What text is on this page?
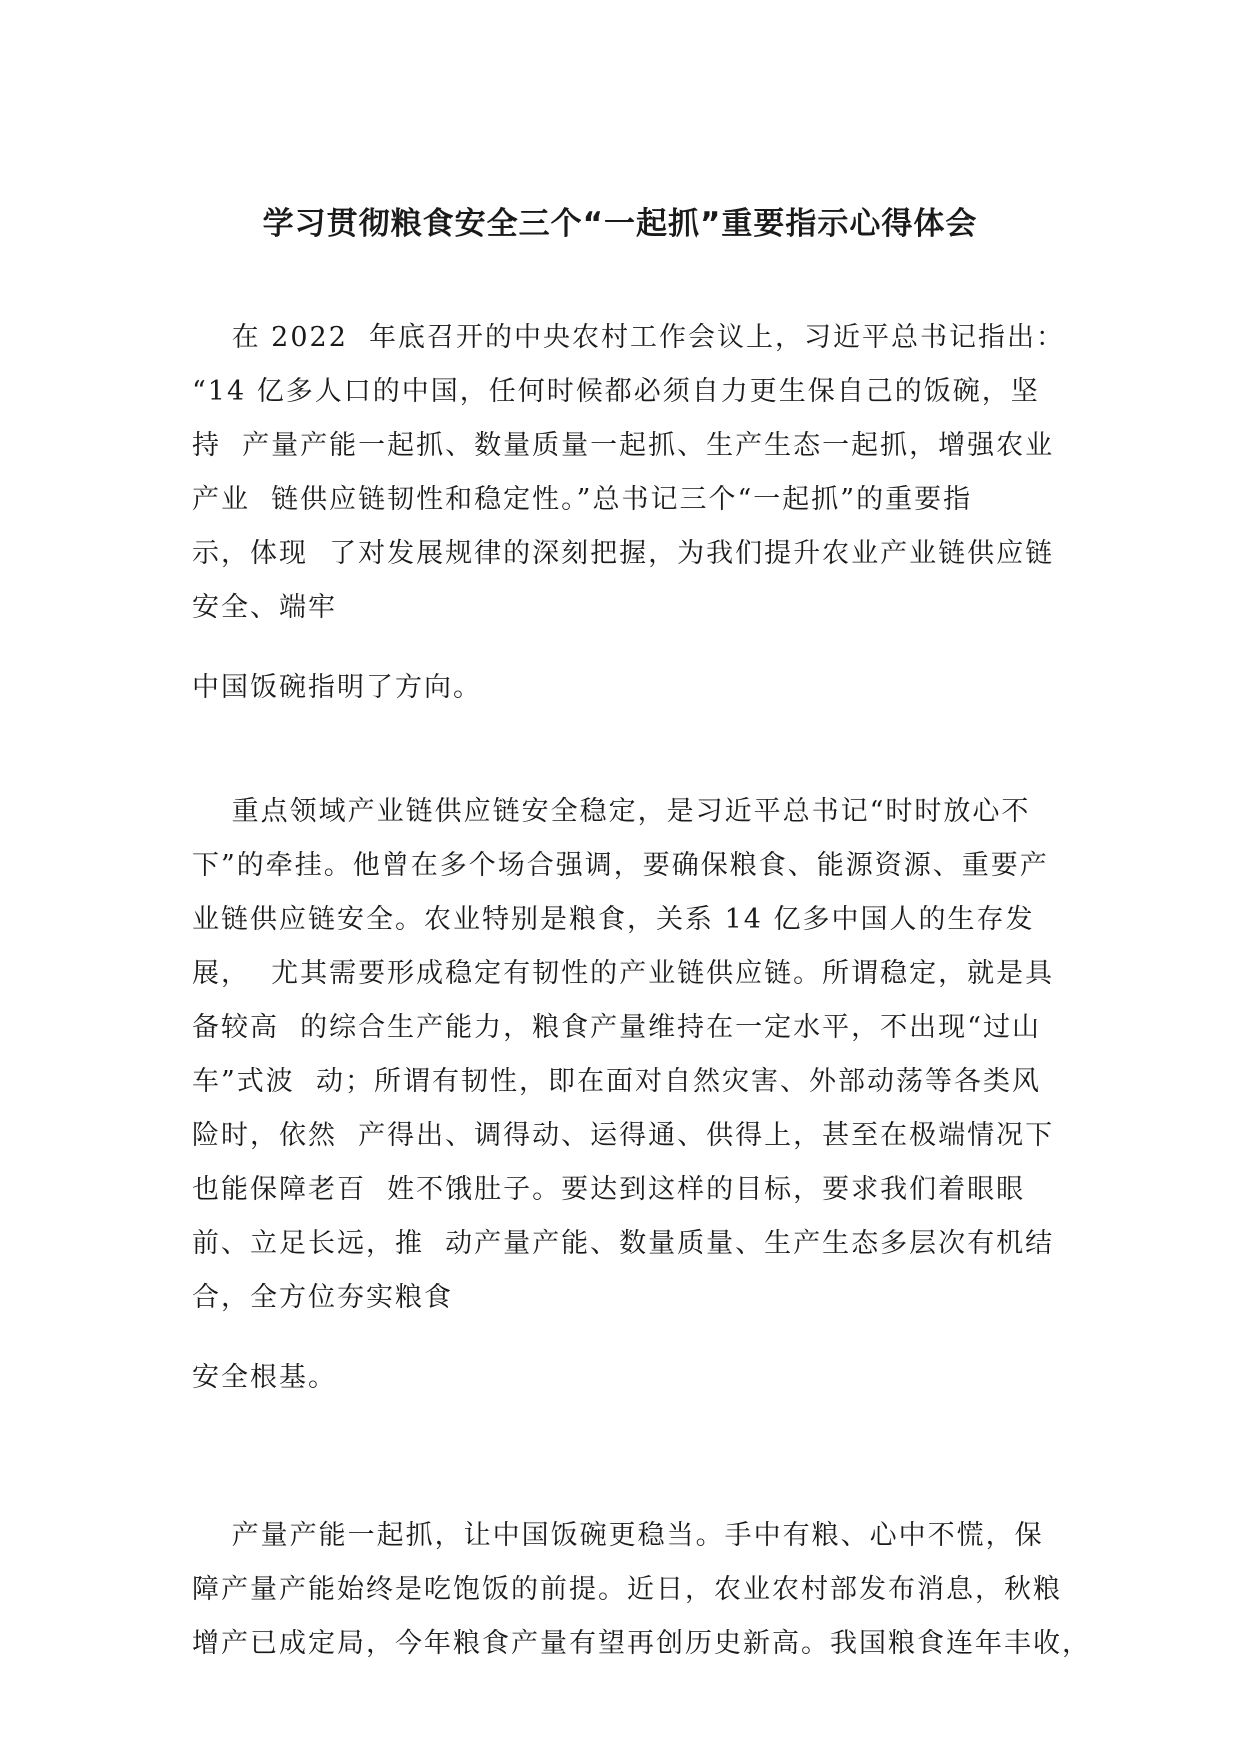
学习贯彻粮食安全三个“一起抓”重要指示心得体会

　 在 2022  年底召开的中央农村工作会议上，习近平总书记指出：

“14 亿多人口的中国，任何时候都必须自力更生保自己的饭碗，坚

持  产量产能一起抓、数量质量一起抓、生产生态一起抓，增强农业

产业  链供应链韧性和稳定性。”总书记三个“一起抓”的重要指

示，体现  了对发展规律的深刻把握，为我们提升农业产业链供应链

安全、端牢

中国饭碗指明了方向。

　 重点领域产业链供应链安全稳定，是习近平总书记“时时放心不

下”的牵挂。他曾在多个场合强调，要确保粮食、能源资源、重要产

业链供应链安全。农业特别是粮食，关系 14 亿多中国人的生存发

展，  尤其需要形成稳定有韧性的产业链供应链。所谓稳定，就是具

备较高  的综合生产能力，粮食产量维持在一定水平，不出现“过山

车”式波  动；所谓有韧性，即在面对自然灾害、外部动荡等各类风

险时，依然  产得出、调得动、运得通、供得上，甚至在极端情况下

也能保障老百  姓不饿肚子。要达到这样的目标，要求我们着眼眼

前、立足长远，推  动产量产能、数量质量、生产生态多层次有机结

合，全方位夯实粮食

安全根基。

　 产量产能一起抓，让中国饭碗更稳当。手中有粮、心中不慌，保

障产量产能始终是吃饱饭的前提。近日，农业农村部发布消息，秋粮

增产已成定局，今年粮食产量有望再创历史新高。我国粮食连年丰收，
